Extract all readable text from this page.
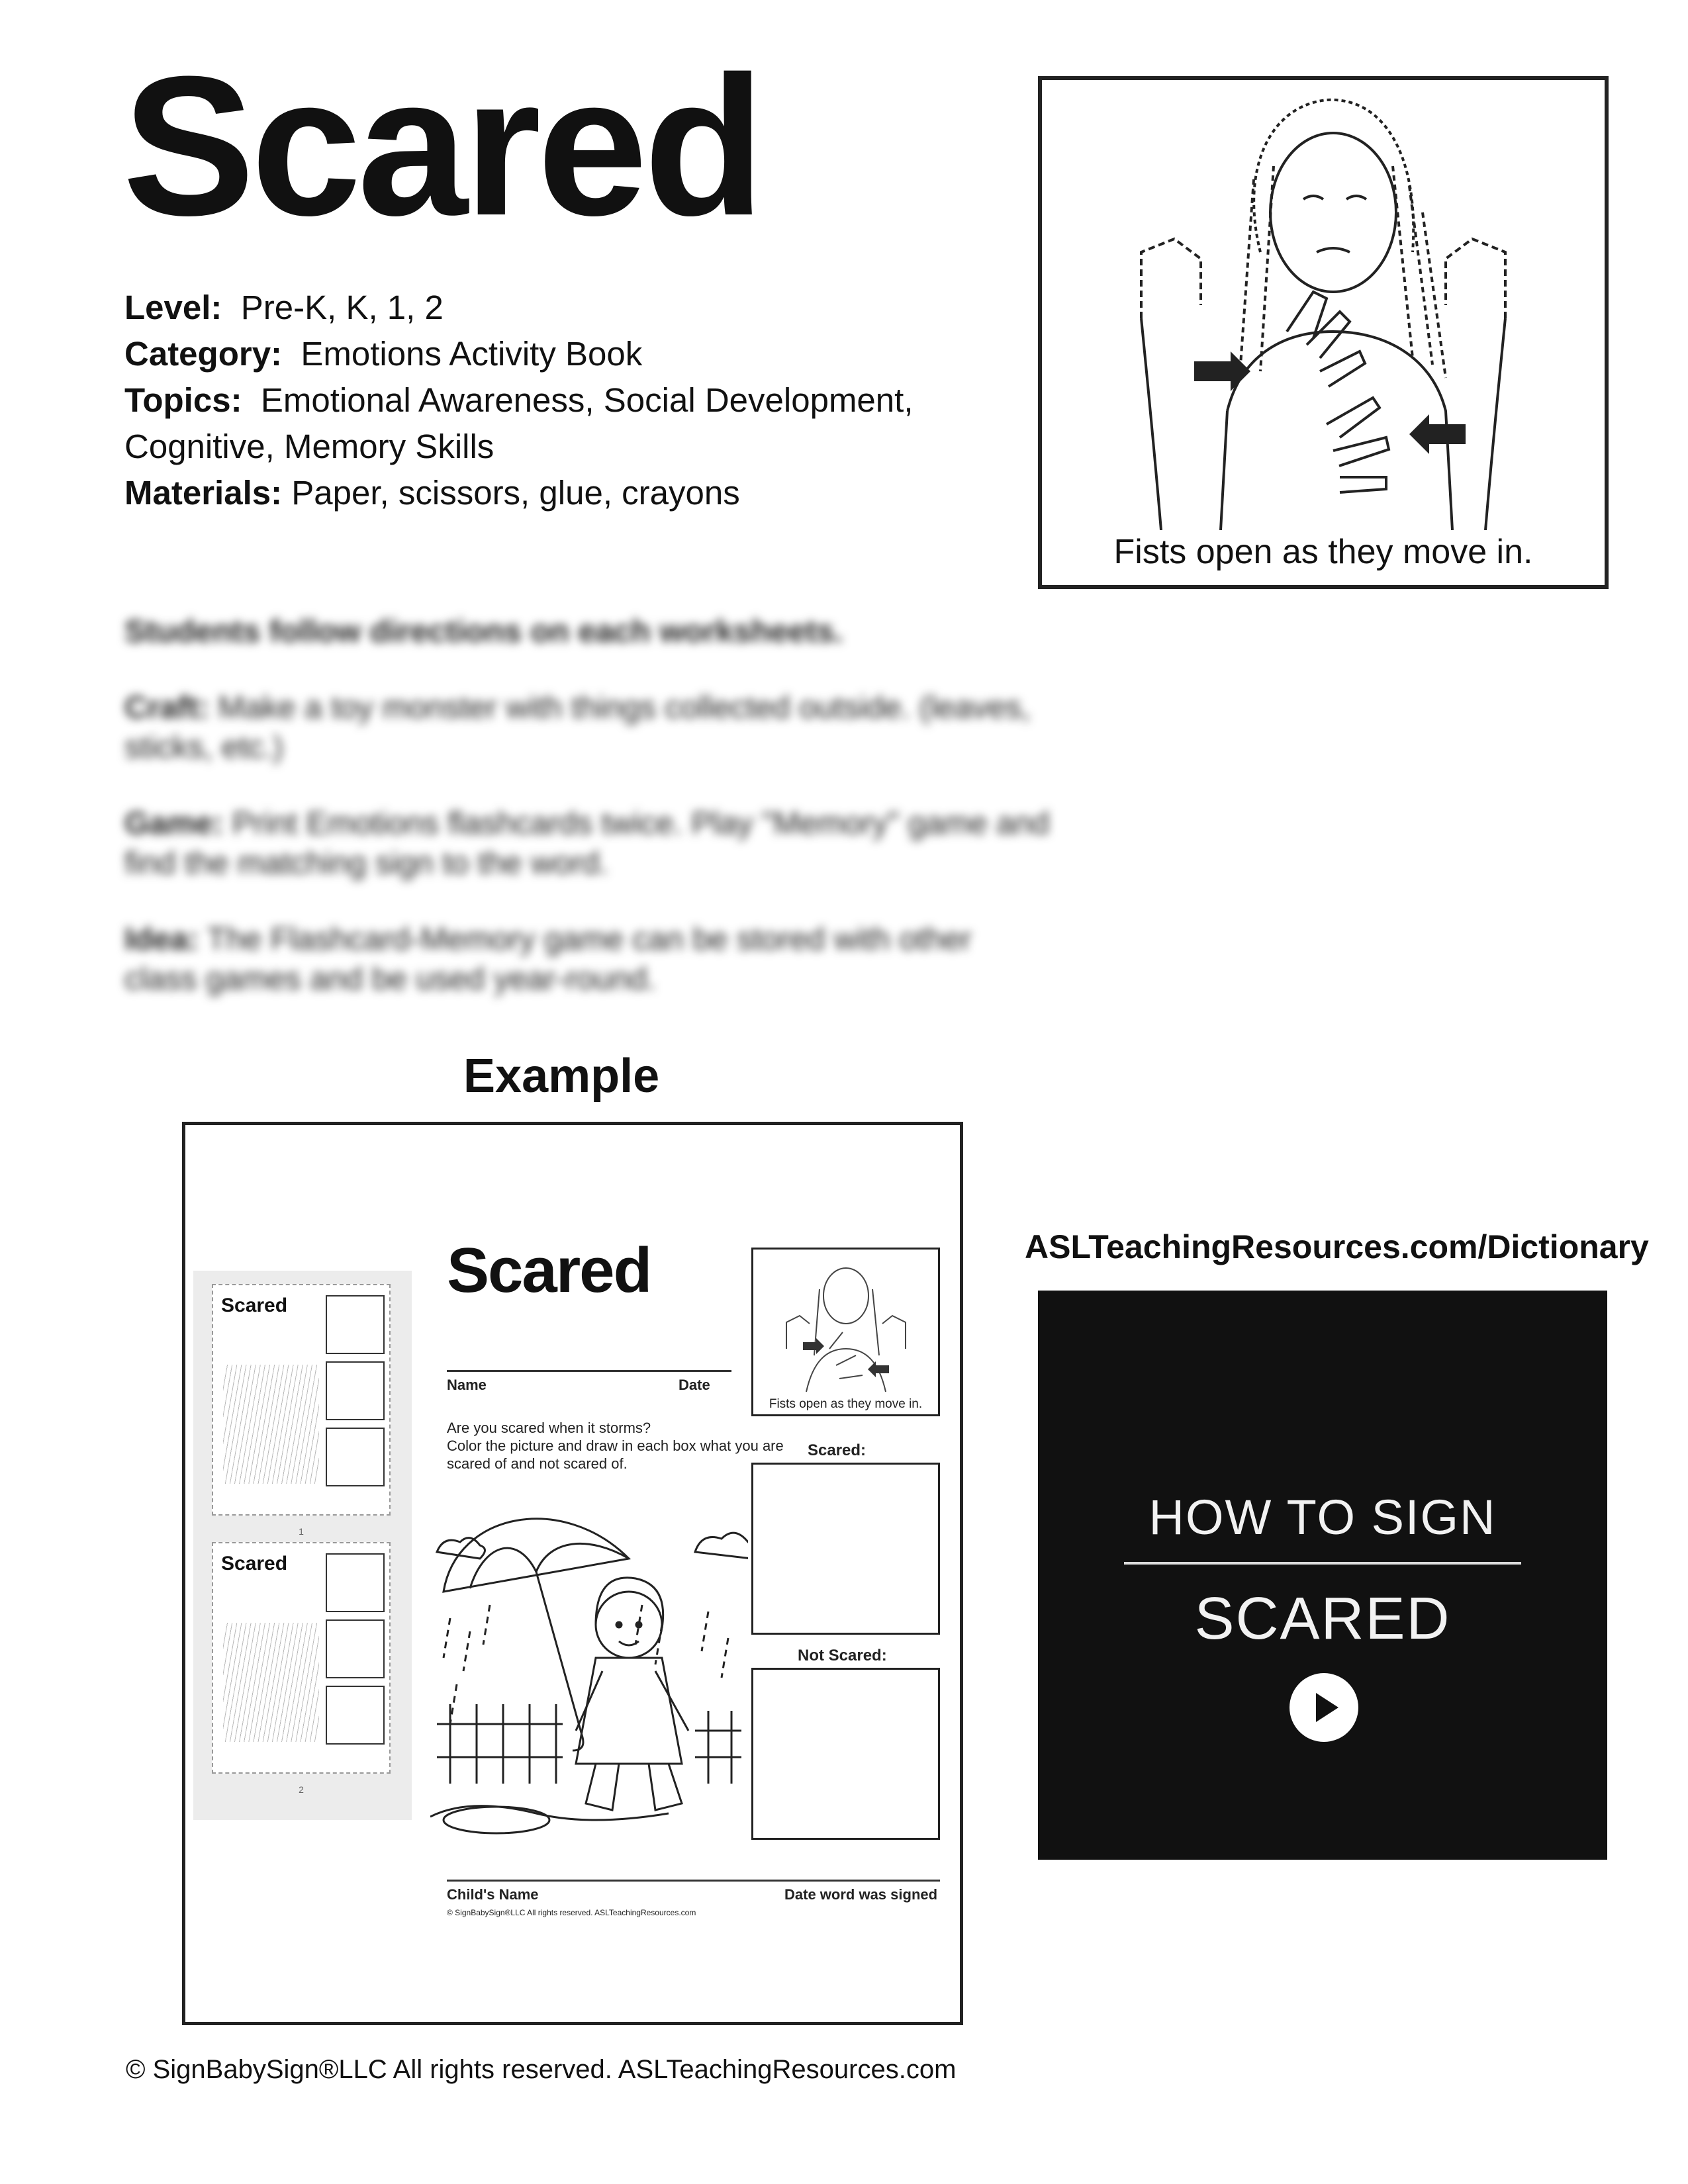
Scared
Level: Pre-K, K, 1, 2
Category: Emotions Activity Book
Topics: Emotional Awareness, Social Development,
Cognitive, Memory Skills
Materials: Paper, scissors, glue, crayons

Students follow directions on each worksheets.

Craft: Make a toy monster with things collected outside. (leaves, sticks, etc.)

Game: Print Emotions flashcards twice. Play "Memory" game and find the matching sign to the word.

Idea: The Flashcard-Memory game can be stored with other class games and be used year-round.

Fists open as they move in.
Example
Scared
1
Scared
2
Scared
Name	Date
Fists open as they move in.
Are you scared when it storms?
Color the picture and draw in each box what you are
scared of and not scared of.
Scared:
Not Scared:
Child's Name	Date word was signed
© SignBabySign®LLC All rights reserved. ASLTeachingResources.com
ASLTeachingResources.com/Dictionary
HOW TO SIGN
SCARED
© SignBabySign®LLC All rights reserved. ASLTeachingResources.com
